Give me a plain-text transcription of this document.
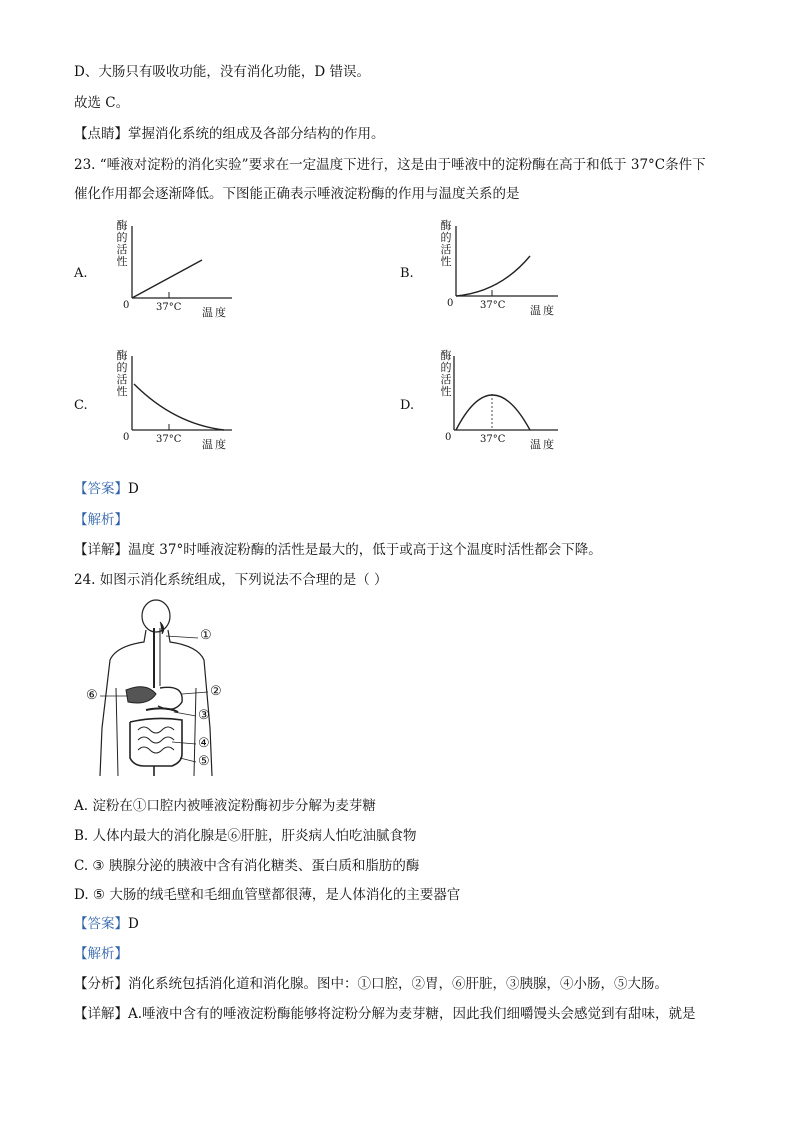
D、大肠只有吸收功能，没有消化功能，D 错误。
故选 C。
【点睛】掌握消化系统的组成及各部分结构的作用。
23. “唾液对淀粉的消化实验”要求在一定温度下进行，这是由于唾液中的淀粉酶在高于和低于 37°C条件下
催化作用都会逐渐降低。下图能正确表示唾液淀粉酶的作用与温度关系的是
A.
酶
的
活
性
0	37°C 温度
B.
酶
的
活
性
0	37°C 温度
C.
酶
的
活
性
0	37°C 温度
D.
酶
的
活
性
0	37°C 温度
【答案】D
【解析】
【详解】温度 37°时唾液淀粉酶的活性是最大的，低于或高于这个温度时活性都会下降。
24. 如图示消化系统组成，下列说法不合理的是（ ）
①
②
③
④
⑤
⑥
A. 淀粉在①口腔内被唾液淀粉酶初步分解为麦芽糖
B. 人体内最大的消化腺是⑥肝脏，肝炎病人怕吃油腻食物
C. ③ 胰腺分泌的胰液中含有消化糖类、蛋白质和脂肪的酶
D. ⑤ 大肠的绒毛壁和毛细血管壁都很薄，是人体消化的主要器官
【答案】D
【解析】
【分析】消化系统包括消化道和消化腺。图中：①口腔，②胃，⑥肝脏，③胰腺，④小肠，⑤大肠。
【详解】A.唾液中含有的唾液淀粉酶能够将淀粉分解为麦芽糖，因此我们细嚼馒头会感觉到有甜味，就是
